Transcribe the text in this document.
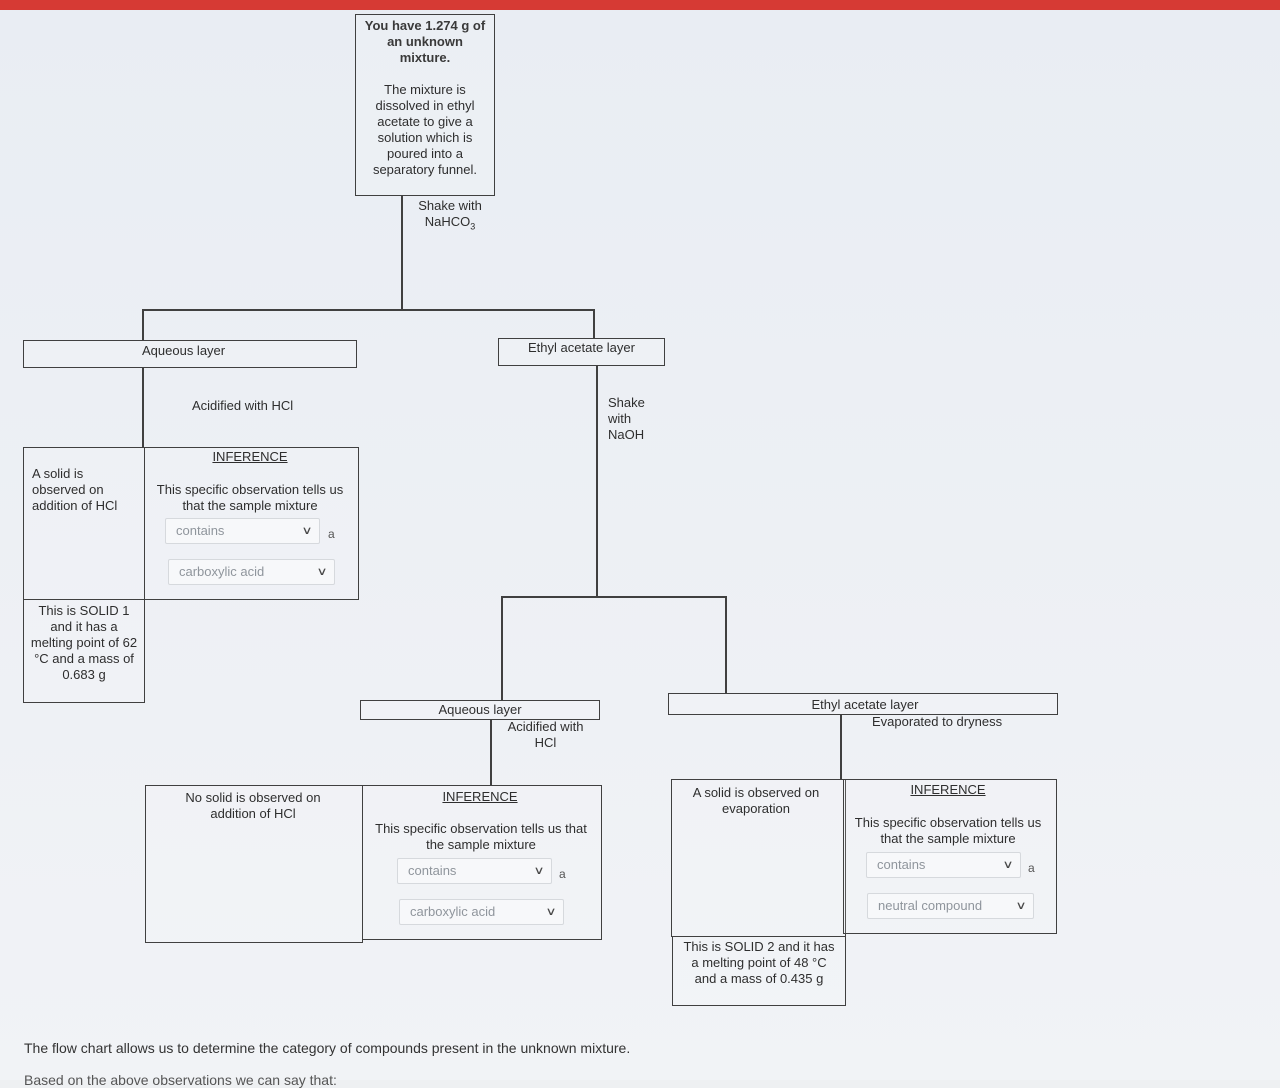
You have 1.274 g of an unknown mixture.
The mixture is dissolved in ethyl acetate to give a solution which is poured into a separatory funnel.
Shake with
NaHCO$_3$
Aqueous layer
Acidified with HCl
A solid is observed on addition of HCl
INFERENCE
This specific observation tells us that the sample mixture
contains	∨ a
carboxylic acid	∨
This is SOLID 1 and it has a melting point of 62 °C and a mass of 0.683 g
Ethyl acetate layer
Shake with NaOH
Aqueous layer
Acidified with HCl
No solid is observed on addition of HCl
INFERENCE
This specific observation tells us that the sample mixture
contains	∨ a
carboxylic acid	∨
Ethyl acetate layer
Evaporated to dryness
A solid is observed on evaporation
INFERENCE
This specific observation tells us that the sample mixture
contains	∨ a
neutral compound	∨
This is SOLID 2 and it has a melting point of 48 °C and a mass of 0.435 g
The flow chart allows us to determine the category of compounds present in the unknown mixture.
Based on the above observations we can say that:
